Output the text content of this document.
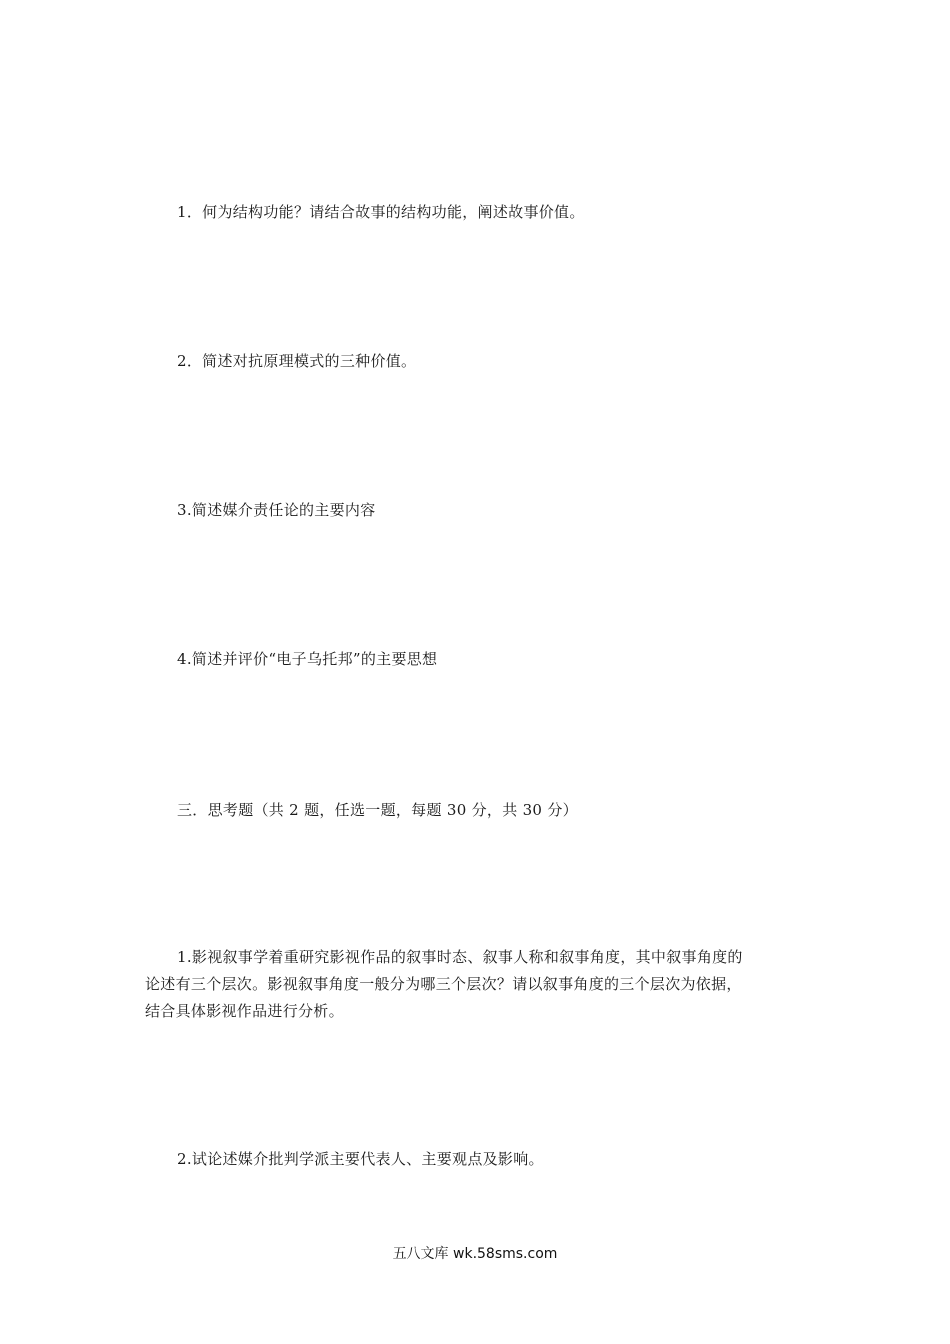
1．何为结构功能？请结合故事的结构功能，阐述故事价值。
2．简述对抗原理模式的三种价值。
3.简述媒介责任论的主要内容
4.简述并评价“电子乌托邦”的主要思想
三．思考题（共 2 题，任选一题，每题 30 分，共 30 分）
1.影视叙事学着重研究影视作品的叙事时态、叙事人称和叙事角度，其中叙事角度的
论述有三个层次。影视叙事角度一般分为哪三个层次？请以叙事角度的三个层次为依据，
结合具体影视作品进行分析。
2.试论述媒介批判学派主要代表人、主要观点及影响。
五八文库 wk.58sms.com
